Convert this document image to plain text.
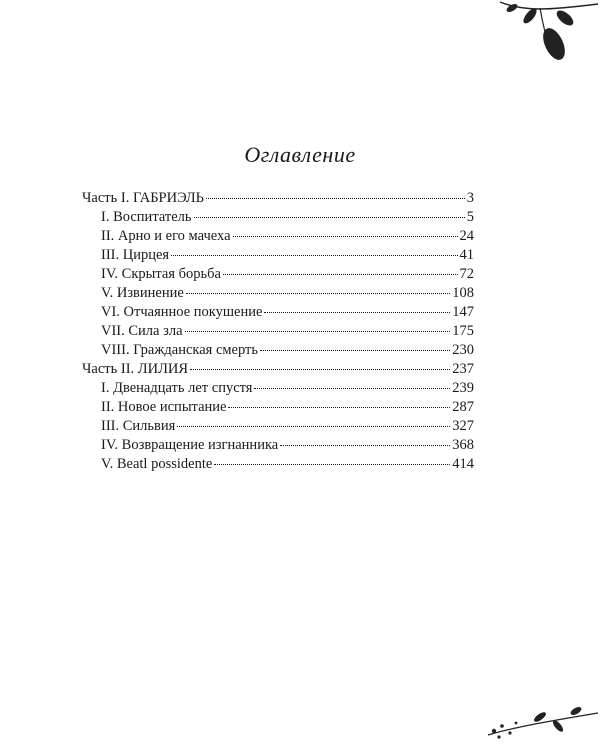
Оглавление
Часть I. ГАБРИЭЛЬ	3
I. Воспитатель	5
II. Арно и его мачеха	24
III. Цирцея	41
IV. Скрытая борьба	72
V. Извинение	108
VI. Отчаянное покушение	147
VII. Сила зла	175
VIII. Гражданская смерть	230
Часть II. ЛИЛИЯ	237
I. Двенадцать лет спустя	239
II. Новое испытание	287
III. Сильвия	327
IV. Возвращение изгнанника	368
V. Beatl possidente	414
